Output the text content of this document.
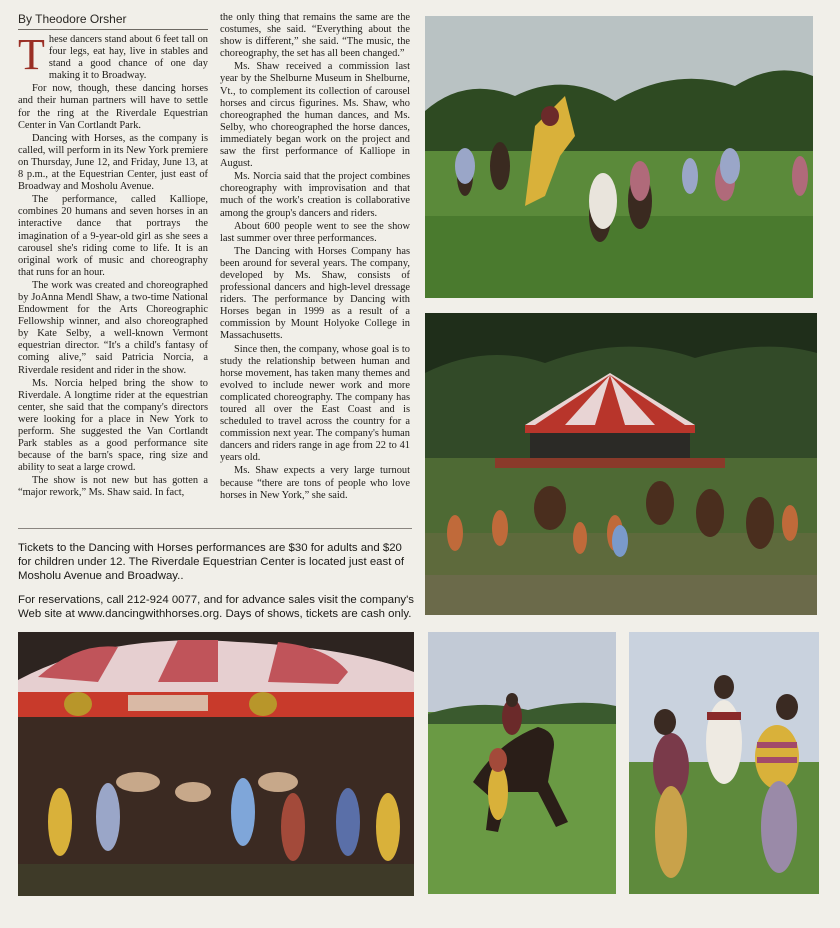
By Theodore Orsher

These dancers stand about 6 feet tall on four legs, eat hay, live in stables and stand a good chance of one day making it to Broadway.

For now, though, these dancing horses and their human partners will have to settle for the ring at the Riverdale Equestrian Center in Van Cortlandt Park.

Dancing with Horses, as the company is called, will perform in its New York premiere on Thursday, June 12, and Friday, June 13, at 8 p.m., at the Equestrian Center, just east of Broadway and Mosholu Avenue.

The performance, called Kalliope, combines 20 humans and seven horses in an interactive dance that portrays the imagination of a 9-year-old girl as she sees a carousel she's riding come to life. It is an original work of music and choreography that runs for an hour.

The work was created and choreographed by JoAnna Mendl Shaw, a two-time National Endowment for the Arts Choreographic Fellowship winner, and also choreographed by Kate Selby, a well-known Vermont equestrian director. “It's a child's fantasy of coming alive,” said Patricia Norcia, a Riverdale resident and rider in the show.

Ms. Norcia helped bring the show to Riverdale. A longtime rider at the equestrian center, she said that the company's directors were looking for a place in New York to perform. She suggested the Van Cortlandt Park stables as a good performance site because of the barn's space, ring size and ability to seat a large crowd.

The show is not new but has gotten a “major rework,” Ms. Shaw said. In fact,

the only thing that remains the same are the costumes, she said. “Everything about the show is different,” she said. “The music, the choreography, the set has all been changed.”

Ms. Shaw received a commission last year by the Shelburne Museum in Shelburne, Vt., to complement its collection of carousel horses and circus figurines. Ms. Shaw, who choreographed the human dances, and Ms. Selby, who choreographed the horse dances, immediately began work on the project and saw the first performance of Kalliope in August.

Ms. Norcia said that the project combines choreography with improvisation and that much of the work's creation is collaborative among the group's dancers and riders.

About 600 people went to see the show last summer over three performances.

The Dancing with Horses Company has been around for several years. The company, developed by Ms. Shaw, consists of professional dancers and high-level dressage riders. The performance by Dancing with Horses began in 1999 as a result of a commission by Mount Holyoke College in Massachusetts.

Since then, the company, whose goal is to study the relationship between human and horse movement, has taken many themes and evolved to include newer work and more complicated choreography. The company has toured all over the East Coast and is scheduled to travel across the country for a commission next year. The company's human dancers and riders range in age from 22 to 41 years old.

Ms. Shaw expects a very large turnout because “there are tons of people who love horses in New York,” she said.

Tickets to the Dancing with Horses performances are $30 for adults and $20 for children under 12. The Riverdale Equestrian Center is located just east of Mosholu Avenue and Broadway..
For reservations, call 212-924 0077, and for advance sales visit the company's Web site at www.dancingwithhorses.org. Days of shows, tickets are cash only.
